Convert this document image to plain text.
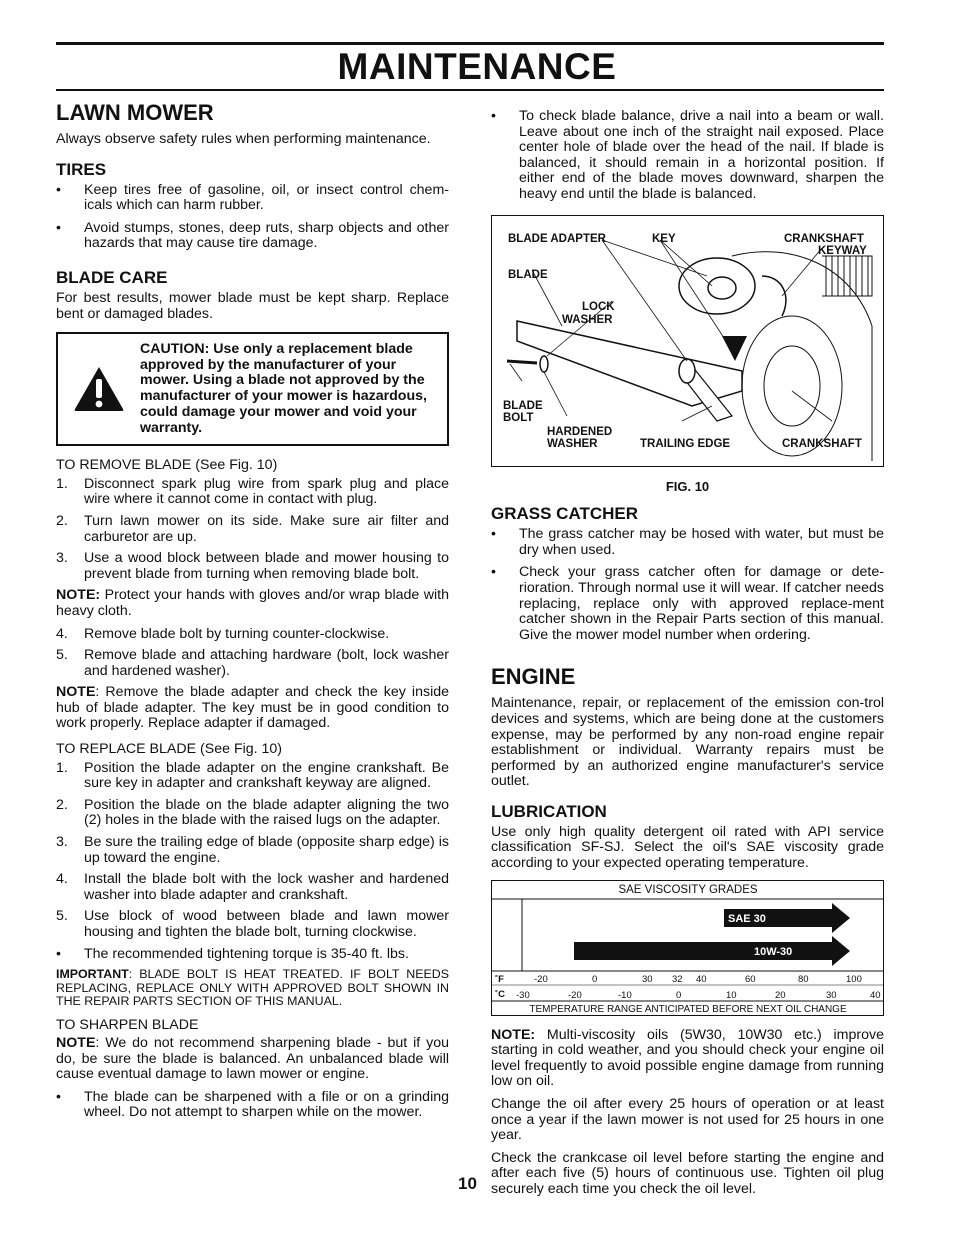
MAINTENANCE
LAWN MOWER

Always observe safety rules when performing maintenance.

TIRES
•	Keep tires free of gasoline, oil, or insect control chem-icals which can harm rubber.
•	Avoid stumps, stones, deep ruts, sharp objects and other hazards that may cause tire damage.
BLADE CARE

For best results, mower blade must be kept sharp. Replace bent or damaged blades.

CAUTION: Use only a replacement blade approved by the manufacturer of your mower. Using a blade not approved by the manufacturer of your mower is hazardous, could damage your mower and void your warranty.

TO REMOVE BLADE (See Fig. 10)

1.	Disconnect spark plug wire from spark plug and place wire where it cannot come in contact with plug.
2.	Turn lawn mower on its side. Make sure air filter and carburetor are up.
3.	Use a wood block between blade and mower housing to prevent blade from turning when removing blade bolt.

NOTE: Protect your hands with gloves and/or wrap blade with heavy cloth.

4.	Remove blade bolt by turning counter-clockwise.
5.	Remove blade and attaching hardware (bolt, lock washer and hardened washer).

NOTE: Remove the blade adapter and check the key inside hub of blade adapter. The key must be in good condition to work properly. Replace adapter if damaged.

TO REPLACE BLADE (See Fig. 10)

1.	Position the blade adapter on the engine crankshaft. Be sure key in adapter and crankshaft keyway are aligned.
2.	Position the blade on the blade adapter aligning the two (2) holes in the blade with the raised lugs on the adapter.
3.	Be sure the trailing edge of blade (opposite sharp edge) is up toward the engine.
4.	Install the blade bolt with the lock washer and hardened washer into blade adapter and crankshaft.
5.	Use block of wood between blade and lawn mower housing and tighten the blade bolt, turning clockwise.
•	The recommended tightening torque is 35-40 ft. lbs.

IMPORTANT: BLADE BOLT IS HEAT TREATED. IF BOLT NEEDS REPLACING, REPLACE ONLY WITH APPROVED BOLT SHOWN IN THE REPAIR PARTS SECTION OF THIS MANUAL.

TO SHARPEN BLADE

NOTE: We do not recommend sharpening blade - but if you do, be sure the blade is balanced. An unbalanced blade will cause eventual damage to lawn mower or engine.

•	The blade can be sharpened with a file or on a grinding wheel. Do not attempt to sharpen while on the mower.
•	To check blade balance, drive a nail into a beam or wall. Leave about one inch of the straight nail exposed. Place center hole of blade over the head of the nail. If blade is balanced, it should remain in a horizontal position. If either end of the blade moves downward, sharpen the heavy end until the blade is balanced.
BLADE ADAPTER	KEY	CRANKSHAFT
KEYWAY
BLADE
LOCK
WASHER
BLADE
BOLT
HARDENED
WASHER	TRAILING EDGE	CRANKSHAFT
FIG. 10
GRASS CATCHER
•	The grass catcher may be hosed with water, but must be dry when used.
•	Check your grass catcher often for damage or dete-rioration. Through normal use it will wear. If catcher needs replacing, replace only with approved replace-ment catcher shown in the Repair Parts section of this manual. Give the mower model number when ordering.
ENGINE

Maintenance, repair, or replacement of the emission con-trol devices and systems, which are being done at the customers expense, may be performed by any non-road engine repair establishment or individual. Warranty repairs must be performed by an authorized engine manufacturer's service outlet.

LUBRICATION

Use only high quality detergent oil rated with API service classification SF-SJ. Select the oil's SAE viscosity grade according to your expected operating temperature.

SAE VISCOSITY GRADES
SAE 30
10W-30
˚F	-20	0	30 32 40	60	80	100
˚C -30	-20	-10	0	10	20	30	40
TEMPERATURE RANGE ANTICIPATED BEFORE NEXT OIL CHANGE

NOTE: Multi-viscosity oils (5W30, 10W30 etc.) improve starting in cold weather, and you should check your engine oil level frequently to avoid possible engine damage from running low on oil.

Change the oil after every 25 hours of operation or at least once a year if the lawn mower is not used for 25 hours in one year.

Check the crankcase oil level before starting the engine and after each five (5) hours of continuous use. Tighten oil plug securely each time you check the oil level.

10
